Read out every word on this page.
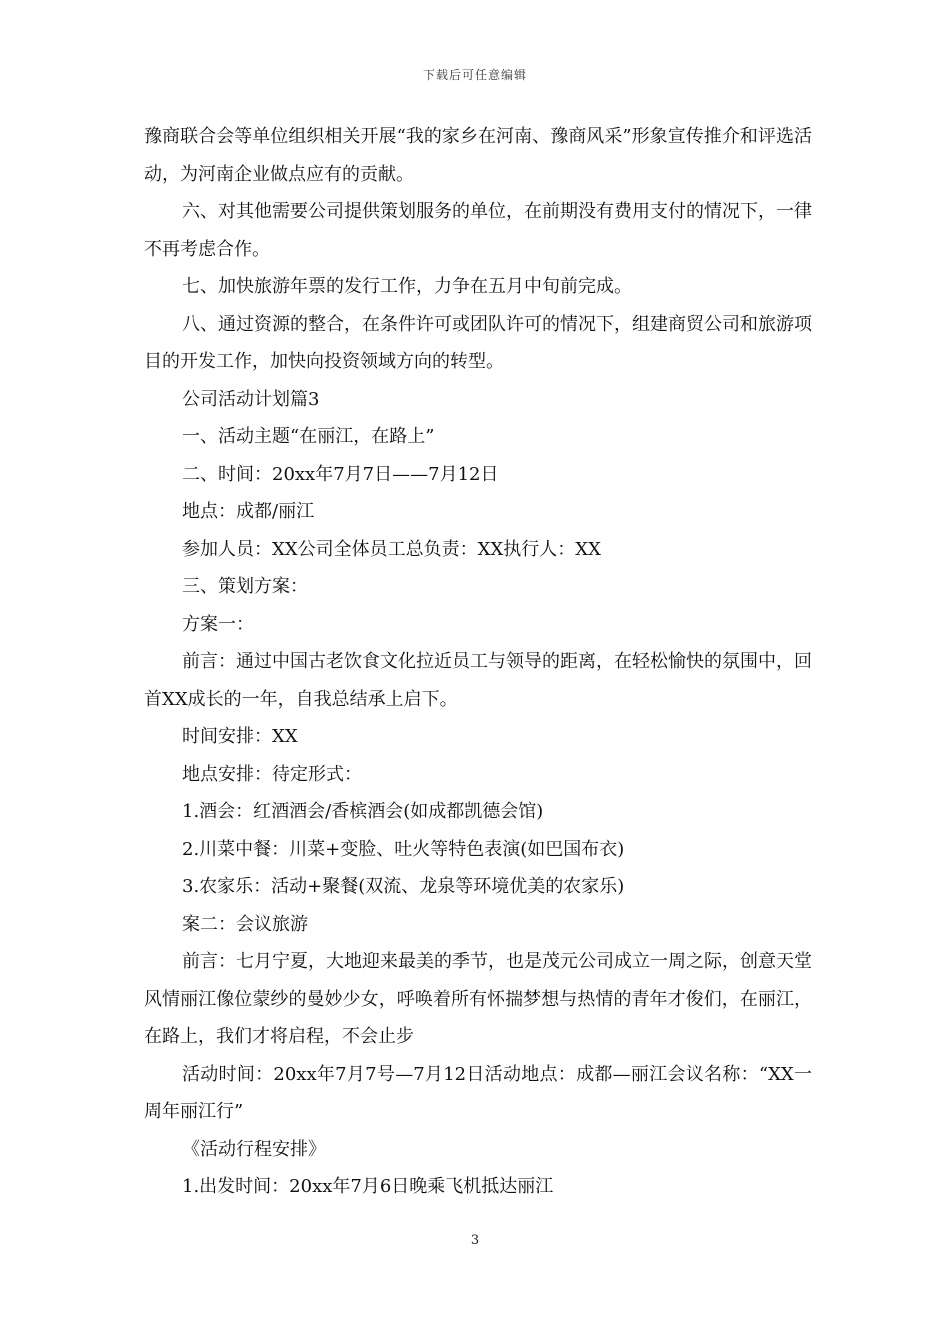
下载后可任意编辑

豫商联合会等单位组织相关开展“我的家乡在河南、豫商风采”形象宣传推介和评选活动，为河南企业做点应有的贡献。

六、对其他需要公司提供策划服务的单位，在前期没有费用支付的情况下，一律不再考虑合作。

七、加快旅游年票的发行工作，力争在五月中旬前完成。

八、通过资源的整合，在条件许可或团队许可的情况下，组建商贸公司和旅游项目的开发工作，加快向投资领域方向的转型。

公司活动计划篇3

一、活动主题“在丽江，在路上”

二、时间：20xx年7月7日——7月12日

地点：成都/丽江

参加人员：XX公司全体员工总负责：XX执行人：XX

三、策划方案：

方案一：

前言：通过中国古老饮食文化拉近员工与领导的距离，在轻松愉快的氛围中，回首XX成长的一年，自我总结承上启下。

时间安排：XX

地点安排：待定形式：

1.酒会：红酒酒会/香槟酒会(如成都凯德会馆)

2.川菜中餐：川菜+变脸、吐火等特色表演(如巴国布衣)

3.农家乐：活动+聚餐(双流、龙泉等环境优美的农家乐)

案二：会议旅游

前言：七月宁夏，大地迎来最美的季节，也是茂元公司成立一周之际，创意天堂风情丽江像位蒙纱的曼妙少女，呼唤着所有怀揣梦想与热情的青年才俊们，在丽江，在路上，我们才将启程，不会止步

活动时间：20xx年7月7号—7月12日活动地点：成都—丽江会议名称：“XX一周年丽江行”

《活动行程安排》

1.出发时间：20xx年7月6日晚乘飞机抵达丽江

3
